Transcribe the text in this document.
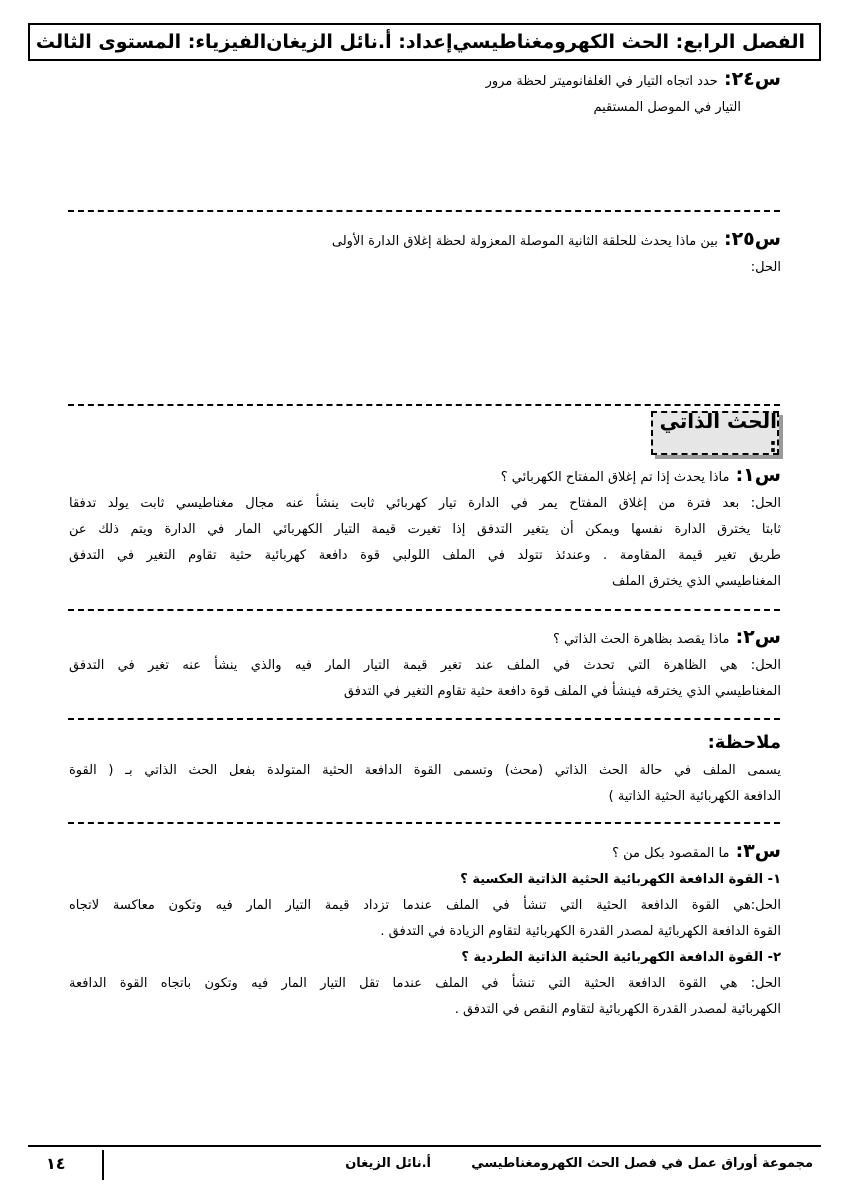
الفصل الرابع: الحث الكهرومغناطيسي
إعداد: أ.نائل الزيغان
الفيزياء: المستوى الثالث
س٢٤: حدد اتجاه التيار في الغلفانوميتر لحظة مرور
التيار في الموصل المستقيم
س٢٥: بين ماذا يحدث للحلقة الثانية الموصلة المعزولة لحظة إغلاق الدارة الأولى
الحل:
الحث الذاتي :
س١: ماذا يحدث إذا تم إغلاق المفتاح الكهربائي ؟
الحل: بعد فترة من إغلاق المفتاح يمر في الدارة تيار كهربائي ثابت ينشأ عنه مجال مغناطيسي ثابت يولد تدفقا
ثابتا يخترق الدارة نفسها ويمكن أن يتغير التدفق إذا تغيرت قيمة التيار الكهربائي المار في الدارة ويتم ذلك عن
طريق تغير قيمة المقاومة . وعندئذ تتولد في الملف اللولبي قوة دافعة كهربائية حثية تقاوم التغير في التدفق
المغناطيسي الذي يخترق الملف
س٢: ماذا يقصد بظاهرة الحث الذاتي ؟
الحل: هي الظاهرة التي تحدث في الملف عند تغير قيمة التيار المار فيه والذي ينشأ عنه تغير في التدفق
المغناطيسي الذي يخترقه فينشأ في الملف قوة دافعة حثية تقاوم التغير في التدفق
ملاحظة:
يسمى الملف في حالة الحث الذاتي (محث) وتسمى القوة الدافعة الحثية المتولدة بفعل الحث الذاتي بـ ( القوة
الدافعة الكهربائية الحثية الذاتية )
س٣: ما المقصود بكل من ؟
١- القوة الدافعة الكهربائية الحثية الذاتية العكسية ؟
الحل:هي القوة الدافعة الحثية التي تنشأ في الملف عندما تزداد قيمة التيار المار فيه وتكون معاكسة لاتجاه
القوة الدافعة الكهربائية لمصدر القدرة الكهربائية لتقاوم الزيادة في التدفق .
٢- القوة الدافعة الكهربائية الحثية الذاتية الطردية ؟
الحل: هي القوة الدافعة الحثية التي تنشأ في الملف عندما تقل التيار المار فيه وتكون باتجاه القوة الدافعة
الكهربائية لمصدر القدرة الكهربائية لتقاوم النقص في التدفق .
مجموعة أوراق عمل في فصل الحث الكهرومغناطيسي
أ.نائل الزيغان
١٤
